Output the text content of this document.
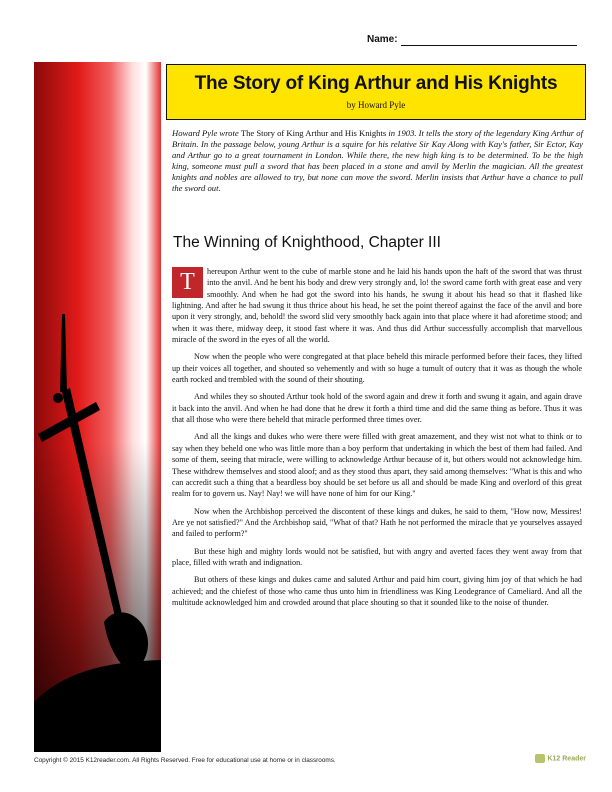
Name:
The Story of King Arthur and His Knights
by Howard Pyle
Howard Pyle wrote The Story of King Arthur and His Knights in 1903. It tells the story of the legendary King Arthur of Britain. In the passage below, young Arthur is a squire for his relative Sir Kay Along with Kay's father, Sir Ector, Kay and Arthur go to a great tournament in London. While there, the new high king is to be determined. To be the high king, someone must pull a sword that has been placed in a stone and anvil by Merlin the magician. All the greatest knights and nobles are allowed to try, but none can move the sword. Merlin insists that Arthur have a chance to pull the sword out.
The Winning of Knighthood, Chapter III

T	hereupon Arthur went to the cube of marble stone and he laid his hands upon the haft of the sword that was thrust into the anvil. And he bent his body and drew very strongly and, lo! the sword came forth with great ease and very smoothly. And when he had got the sword into his hands, he swung it about his head so that it flashed like lightning. And after he had swung it thus thrice about his head, he set the point thereof against the face of the anvil and bore upon it very strongly, and, behold! the sword slid very smoothly back again into that place where it had aforetime stood; and when it was there, midway deep, it stood fast where it was. And thus did Arthur successfully accomplish that marvellous miracle of the sword in the eyes of all the world.

Now when the people who were congregated at that place beheld this miracle performed before their faces, they lifted up their voices all together, and shouted so vehemently and with so huge a tumult of outcry that it was as though the whole earth rocked and trembled with the sound of their shouting.

And whiles they so shouted Arthur took hold of the sword again and drew it forth and swung it again, and again drave it back into the anvil. And when he had done that he drew it forth a third time and did the same thing as before. Thus it was that all those who were there beheld that miracle performed three times over.

And all the kings and dukes who were there were filled with great amazement, and they wist not what to think or to say when they beheld one who was little more than a boy perform that undertaking in which the best of them had failed. And some of them, seeing that miracle, were willing to acknowledge Arthur because of it, but others would not acknowledge him. These withdrew themselves and stood aloof; and as they stood thus apart, they said among themselves: "What is this and who can accredit such a thing that a beardless boy should be set before us all and should be made King and overlord of this great realm for to govern us. Nay! Nay! we will have none of him for our King."

Now when the Archbishop perceived the discontent of these kings and dukes, he said to them, "How now, Messires! Are ye not satisfied?" And the Archbishop said, "What of that? Hath he not performed the miracle that ye yourselves assayed and failed to perform?"

But these high and mighty lords would not be satisfied, but with angry and averted faces they went away from that place, filled with wrath and indignation.

But others of these kings and dukes came and saluted Arthur and paid him court, giving him joy of that which he had achieved; and the chiefest of those who came thus unto him in friendliness was King Leodegrance of Cameliard. And all the multitude acknowledged him and crowded around that place shouting so that it sounded like to the noise of thunder.

Copyright © 2015 K12reader.com. All Rights Reserved. Free for educational use at home or in classrooms.	K12 Reader
